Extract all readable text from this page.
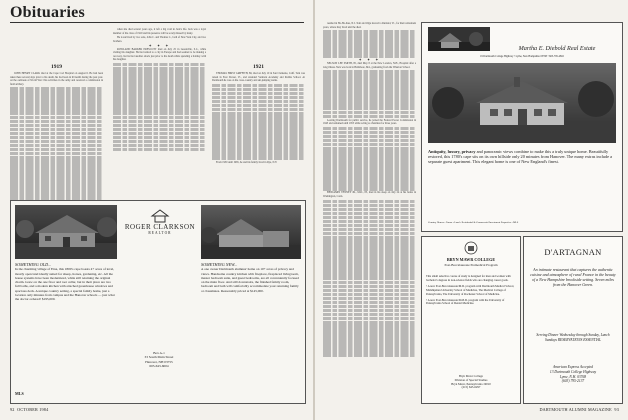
Obituaries
1919

JOHN HENRY CLARK died at the Cape Cod Hospital on August 6. He had been taken there several days prior to his death, his bad been in ill health during the past year. At the outbreak of World War I his activities in the army and received a commission in field artillery.

when she died several years ago, it left a big void in Jack's life. Jack was a loyal member of the class of 1919 and his presence will be sorely missed by many.

He is survived by two sons, John C. and Thomas C., both of New York City, and two brothers.

✦ ✦ ✦

ROWLAND BARKER PRESCOTT died on July 25 in Greenville, S.C., while visiting his daughter. He had retired to a city in Europe and had seemed to be making a recovery, but he had another attack just prior to his death while spending a holiday with his daughter.

1921

THOMAS HIRST GRIFFITH, 86, died on July 10 in San Clemente, Calif. Tom was raised in East Dorset, Vt., and attended Vermont Academy and Peddie School. At Dartmouth he was on the cross-country and ski-jumping teams.

From 1930 until 1965, he and his family lived in Rye, N.Y.

ROGER CLARKSON
REALTOR
SOMETHING OLD...
In the charming village of Etna, this 1800's cape boasts 4+ acres of level, mostly open land ideally suited for sheep, horses, gardening, etc. All the house systems have been modernized, while still retaining the original charm. Grew on the one floor and root cellar, but in their place are two full baths, and a modern kitchen with attached greenhouse windows and spacious deck. A unique country setting, a special family home, just a location only minutes from campus and the Hanover schools — just what the doctor ordered! $195,000.
Box A-1
33 South Main Street
Hanover, NH 03755
603-643-6004
SOMETHING NEW...
A one owner Dartmouth alumnus' home on 10+ acres of privacy and views. Handsome country kitchen with fireplace, fireplaced livingroom, master bedroom suite, and guest bedrooms, are all conveniently focused on the main floor. And still downstairs, the finished family room, bedroom and bath will comfortably accommodate your returning family or classmates. Reasonably priced at $145,000.
MLS
92 OCTOBER 1984

resided in Ho-Ho-Kus, N.J. Tom and Olga moved to Rutland, Vt., for their retirement years, where they lived until he died.

✦ ✦ ✦

NELSON LEE SMITH, 85, died May 8 at the New London, N.H., Hospital after a long illness. Nels was born in Baltimore, Md., graduating from the Wharton School.

Leaving Dartmouth for public service, he joined the Federal Power Commission in 1943 and remained until 1955 while acting as chairman for three years.

BENJAMIN TENNEY JR., M.D., 85, died in his sleep on July 24 at his home in Washington, Conn.

Martha E. Diebold Real Estate
19 Dartmouth College Highway • Lyme, New Hampshire 03768 • 603-795-4816
Antiquity, luxury, privacy and panoramic views combine to make this a truly unique home. Beautifully restored, this 1780's cape sits on its own hillside only 20 minutes from Hanover. The many extras include a separate guest apartment. This elegant home is one of New England's finest.
Country Homes • Farms • Land • Residential & Commercial Investment Properties • MLS
BRYN MAWR COLLEGE
Post-Baccalaureate Premedical Program
This small selective course of study is designed for men and women with bachelor's degrees in non-science fields who are changing career goals.
• A new Post-Baccalaureate/M.D. program with Dartmouth Medical School, Midshipman University School of Medicine, The Medical College of Pennsylvania, The University of Rochester School of Medicine.
• A new Post-Baccalaureate/D.M.D. program with the University of Pennsylvania School of Dental Medicine.
Bryn Mawr College
Division of Special Studies
Bryn Mawr, Pennsylvania 19010
(215) 645-6297
D'ARTAGNAN
An intimate restaurant that captures the authentic cuisine and atmosphere of rural France in the beauty of a New Hampshire brookside setting. Seven miles from the Hanover Green.
Serving Dinner Wednesday through Sunday, Lunch Sundays RESERVATIONS ESSENTIAL
American Express Accepted
13 Dartmouth College Highway
Lyme, N.H. 03768
(603) 795-2137
DARTMOUTH ALUMNI MAGAZINE 93
